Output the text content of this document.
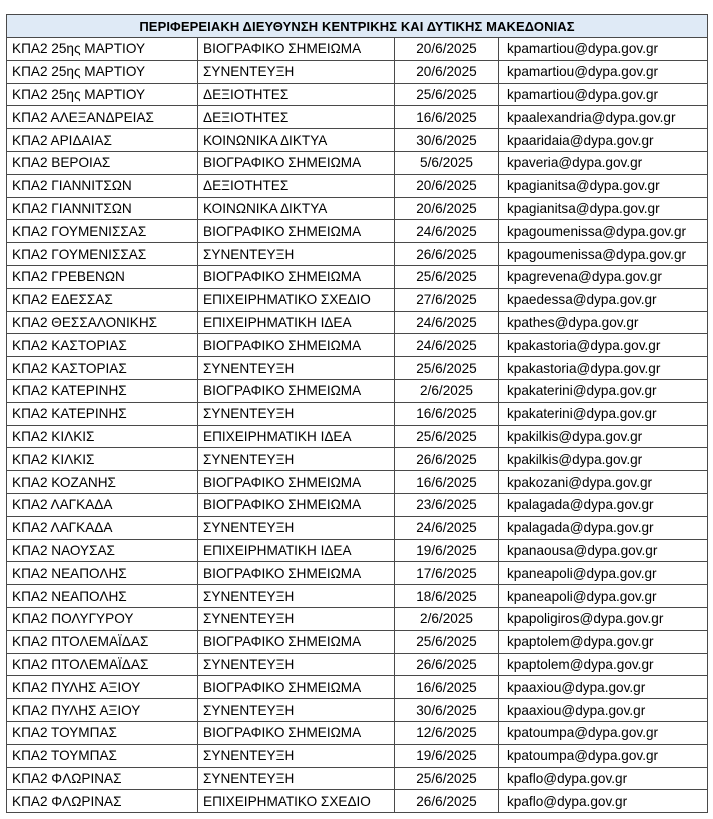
ΠΕΡΙΦΕΡΕΙΑΚΗ ΔΙΕΥΘΥΝΣΗ ΚΕΝΤΡΙΚΗΣ ΚΑΙ ΔΥΤΙΚΗΣ ΜΑΚΕΔΟΝΙΑΣ			
ΚΠΑ2 25ης ΜΑΡΤΙΟΥ	ΒΙΟΓΡΑΦΙΚΟ ΣΗΜΕΙΩΜΑ	20/6/2025	kpamartiou@dypa.gov.gr
ΚΠΑ2 25ης ΜΑΡΤΙΟΥ	ΣΥΝΕΝΤΕΥΞΗ	20/6/2025	kpamartiou@dypa.gov.gr
ΚΠΑ2 25ης ΜΑΡΤΙΟΥ	ΔΕΞΙΟΤΗΤΕΣ	25/6/2025	kpamartiou@dypa.gov.gr
ΚΠΑ2 ΑΛΕΞΑΝΔΡΕΙΑΣ	ΔΕΞΙΟΤΗΤΕΣ	16/6/2025	kpaalexandria@dypa.gov.gr
ΚΠΑ2 ΑΡΙΔΑΙΑΣ	ΚΟΙΝΩΝΙΚΑ ΔΙΚΤΥΑ	30/6/2025	kpaaridaia@dypa.gov.gr
ΚΠΑ2 ΒΕΡΟΙΑΣ	ΒΙΟΓΡΑΦΙΚΟ ΣΗΜΕΙΩΜΑ	5/6/2025	kpaveria@dypa.gov.gr
ΚΠΑ2 ΓΙΑΝΝΙΤΣΩΝ	ΔΕΞΙΟΤΗΤΕΣ	20/6/2025	kpagianitsa@dypa.gov.gr
ΚΠΑ2 ΓΙΑΝΝΙΤΣΩΝ	ΚΟΙΝΩΝΙΚΑ ΔΙΚΤΥΑ	20/6/2025	kpagianitsa@dypa.gov.gr
ΚΠΑ2 ΓΟΥΜΕΝΙΣΣΑΣ	ΒΙΟΓΡΑΦΙΚΟ ΣΗΜΕΙΩΜΑ	24/6/2025	kpagoumenissa@dypa.gov.gr
ΚΠΑ2 ΓΟΥΜΕΝΙΣΣΑΣ	ΣΥΝΕΝΤΕΥΞΗ	26/6/2025	kpagoumenissa@dypa.gov.gr
ΚΠΑ2 ΓΡΕΒΕΝΩΝ	ΒΙΟΓΡΑΦΙΚΟ ΣΗΜΕΙΩΜΑ	25/6/2025	kpagrevena@dypa.gov.gr
ΚΠΑ2 ΕΔΕΣΣΑΣ	ΕΠΙΧΕΙΡΗΜΑΤΙΚΟ ΣΧΕΔΙΟ	27/6/2025	kpaedessa@dypa.gov.gr
ΚΠΑ2 ΘΕΣΣΑΛΟΝΙΚΗΣ	ΕΠΙΧΕΙΡΗΜΑΤΙΚΗ ΙΔΕΑ	24/6/2025	kpathes@dypa.gov.gr
ΚΠΑ2 ΚΑΣΤΟΡΙΑΣ	ΒΙΟΓΡΑΦΙΚΟ ΣΗΜΕΙΩΜΑ	24/6/2025	kpakastoria@dypa.gov.gr
ΚΠΑ2 ΚΑΣΤΟΡΙΑΣ	ΣΥΝΕΝΤΕΥΞΗ	25/6/2025	kpakastoria@dypa.gov.gr
ΚΠΑ2 ΚΑΤΕΡΙΝΗΣ	ΒΙΟΓΡΑΦΙΚΟ ΣΗΜΕΙΩΜΑ	2/6/2025	kpakaterini@dypa.gov.gr
ΚΠΑ2 ΚΑΤΕΡΙΝΗΣ	ΣΥΝΕΝΤΕΥΞΗ	16/6/2025	kpakaterini@dypa.gov.gr
ΚΠΑ2 ΚΙΛΚΙΣ	ΕΠΙΧΕΙΡΗΜΑΤΙΚΗ ΙΔΕΑ	25/6/2025	kpakilkis@dypa.gov.gr
ΚΠΑ2 ΚΙΛΚΙΣ	ΣΥΝΕΝΤΕΥΞΗ	26/6/2025	kpakilkis@dypa.gov.gr
ΚΠΑ2 ΚΟΖΑΝΗΣ	ΒΙΟΓΡΑΦΙΚΟ ΣΗΜΕΙΩΜΑ	16/6/2025	kpakozani@dypa.gov.gr
ΚΠΑ2 ΛΑΓΚΑΔΑ	ΒΙΟΓΡΑΦΙΚΟ ΣΗΜΕΙΩΜΑ	23/6/2025	kpalagada@dypa.gov.gr
ΚΠΑ2 ΛΑΓΚΑΔΑ	ΣΥΝΕΝΤΕΥΞΗ	24/6/2025	kpalagada@dypa.gov.gr
ΚΠΑ2 ΝΑΟΥΣΑΣ	ΕΠΙΧΕΙΡΗΜΑΤΙΚΗ ΙΔΕΑ	19/6/2025	kpanaousa@dypa.gov.gr
ΚΠΑ2 ΝΕΑΠΟΛΗΣ	ΒΙΟΓΡΑΦΙΚΟ ΣΗΜΕΙΩΜΑ	17/6/2025	kpaneapoli@dypa.gov.gr
ΚΠΑ2 ΝΕΑΠΟΛΗΣ	ΣΥΝΕΝΤΕΥΞΗ	18/6/2025	kpaneapoli@dypa.gov.gr
ΚΠΑ2 ΠΟΛΥΓΥΡΟΥ	ΣΥΝΕΝΤΕΥΞΗ	2/6/2025	kpapoligiros@dypa.gov.gr
ΚΠΑ2 ΠΤΟΛΕΜΑΪΔΑΣ	ΒΙΟΓΡΑΦΙΚΟ ΣΗΜΕΙΩΜΑ	25/6/2025	kpaptolem@dypa.gov.gr
ΚΠΑ2 ΠΤΟΛΕΜΑΪΔΑΣ	ΣΥΝΕΝΤΕΥΞΗ	26/6/2025	kpaptolem@dypa.gov.gr
ΚΠΑ2 ΠΥΛΗΣ ΑΞΙΟΥ	ΒΙΟΓΡΑΦΙΚΟ ΣΗΜΕΙΩΜΑ	16/6/2025	kpaaxiou@dypa.gov.gr
ΚΠΑ2 ΠΥΛΗΣ ΑΞΙΟΥ	ΣΥΝΕΝΤΕΥΞΗ	30/6/2025	kpaaxiou@dypa.gov.gr
ΚΠΑ2 ΤΟΥΜΠΑΣ	ΒΙΟΓΡΑΦΙΚΟ ΣΗΜΕΙΩΜΑ	12/6/2025	kpatoumpa@dypa.gov.gr
ΚΠΑ2 ΤΟΥΜΠΑΣ	ΣΥΝΕΝΤΕΥΞΗ	19/6/2025	kpatoumpa@dypa.gov.gr
ΚΠΑ2 ΦΛΩΡΙΝΑΣ	ΣΥΝΕΝΤΕΥΞΗ	25/6/2025	kpaflo@dypa.gov.gr
ΚΠΑ2 ΦΛΩΡΙΝΑΣ	ΕΠΙΧΕΙΡΗΜΑΤΙΚΟ ΣΧΕΔΙΟ	26/6/2025	kpaflo@dypa.gov.gr
